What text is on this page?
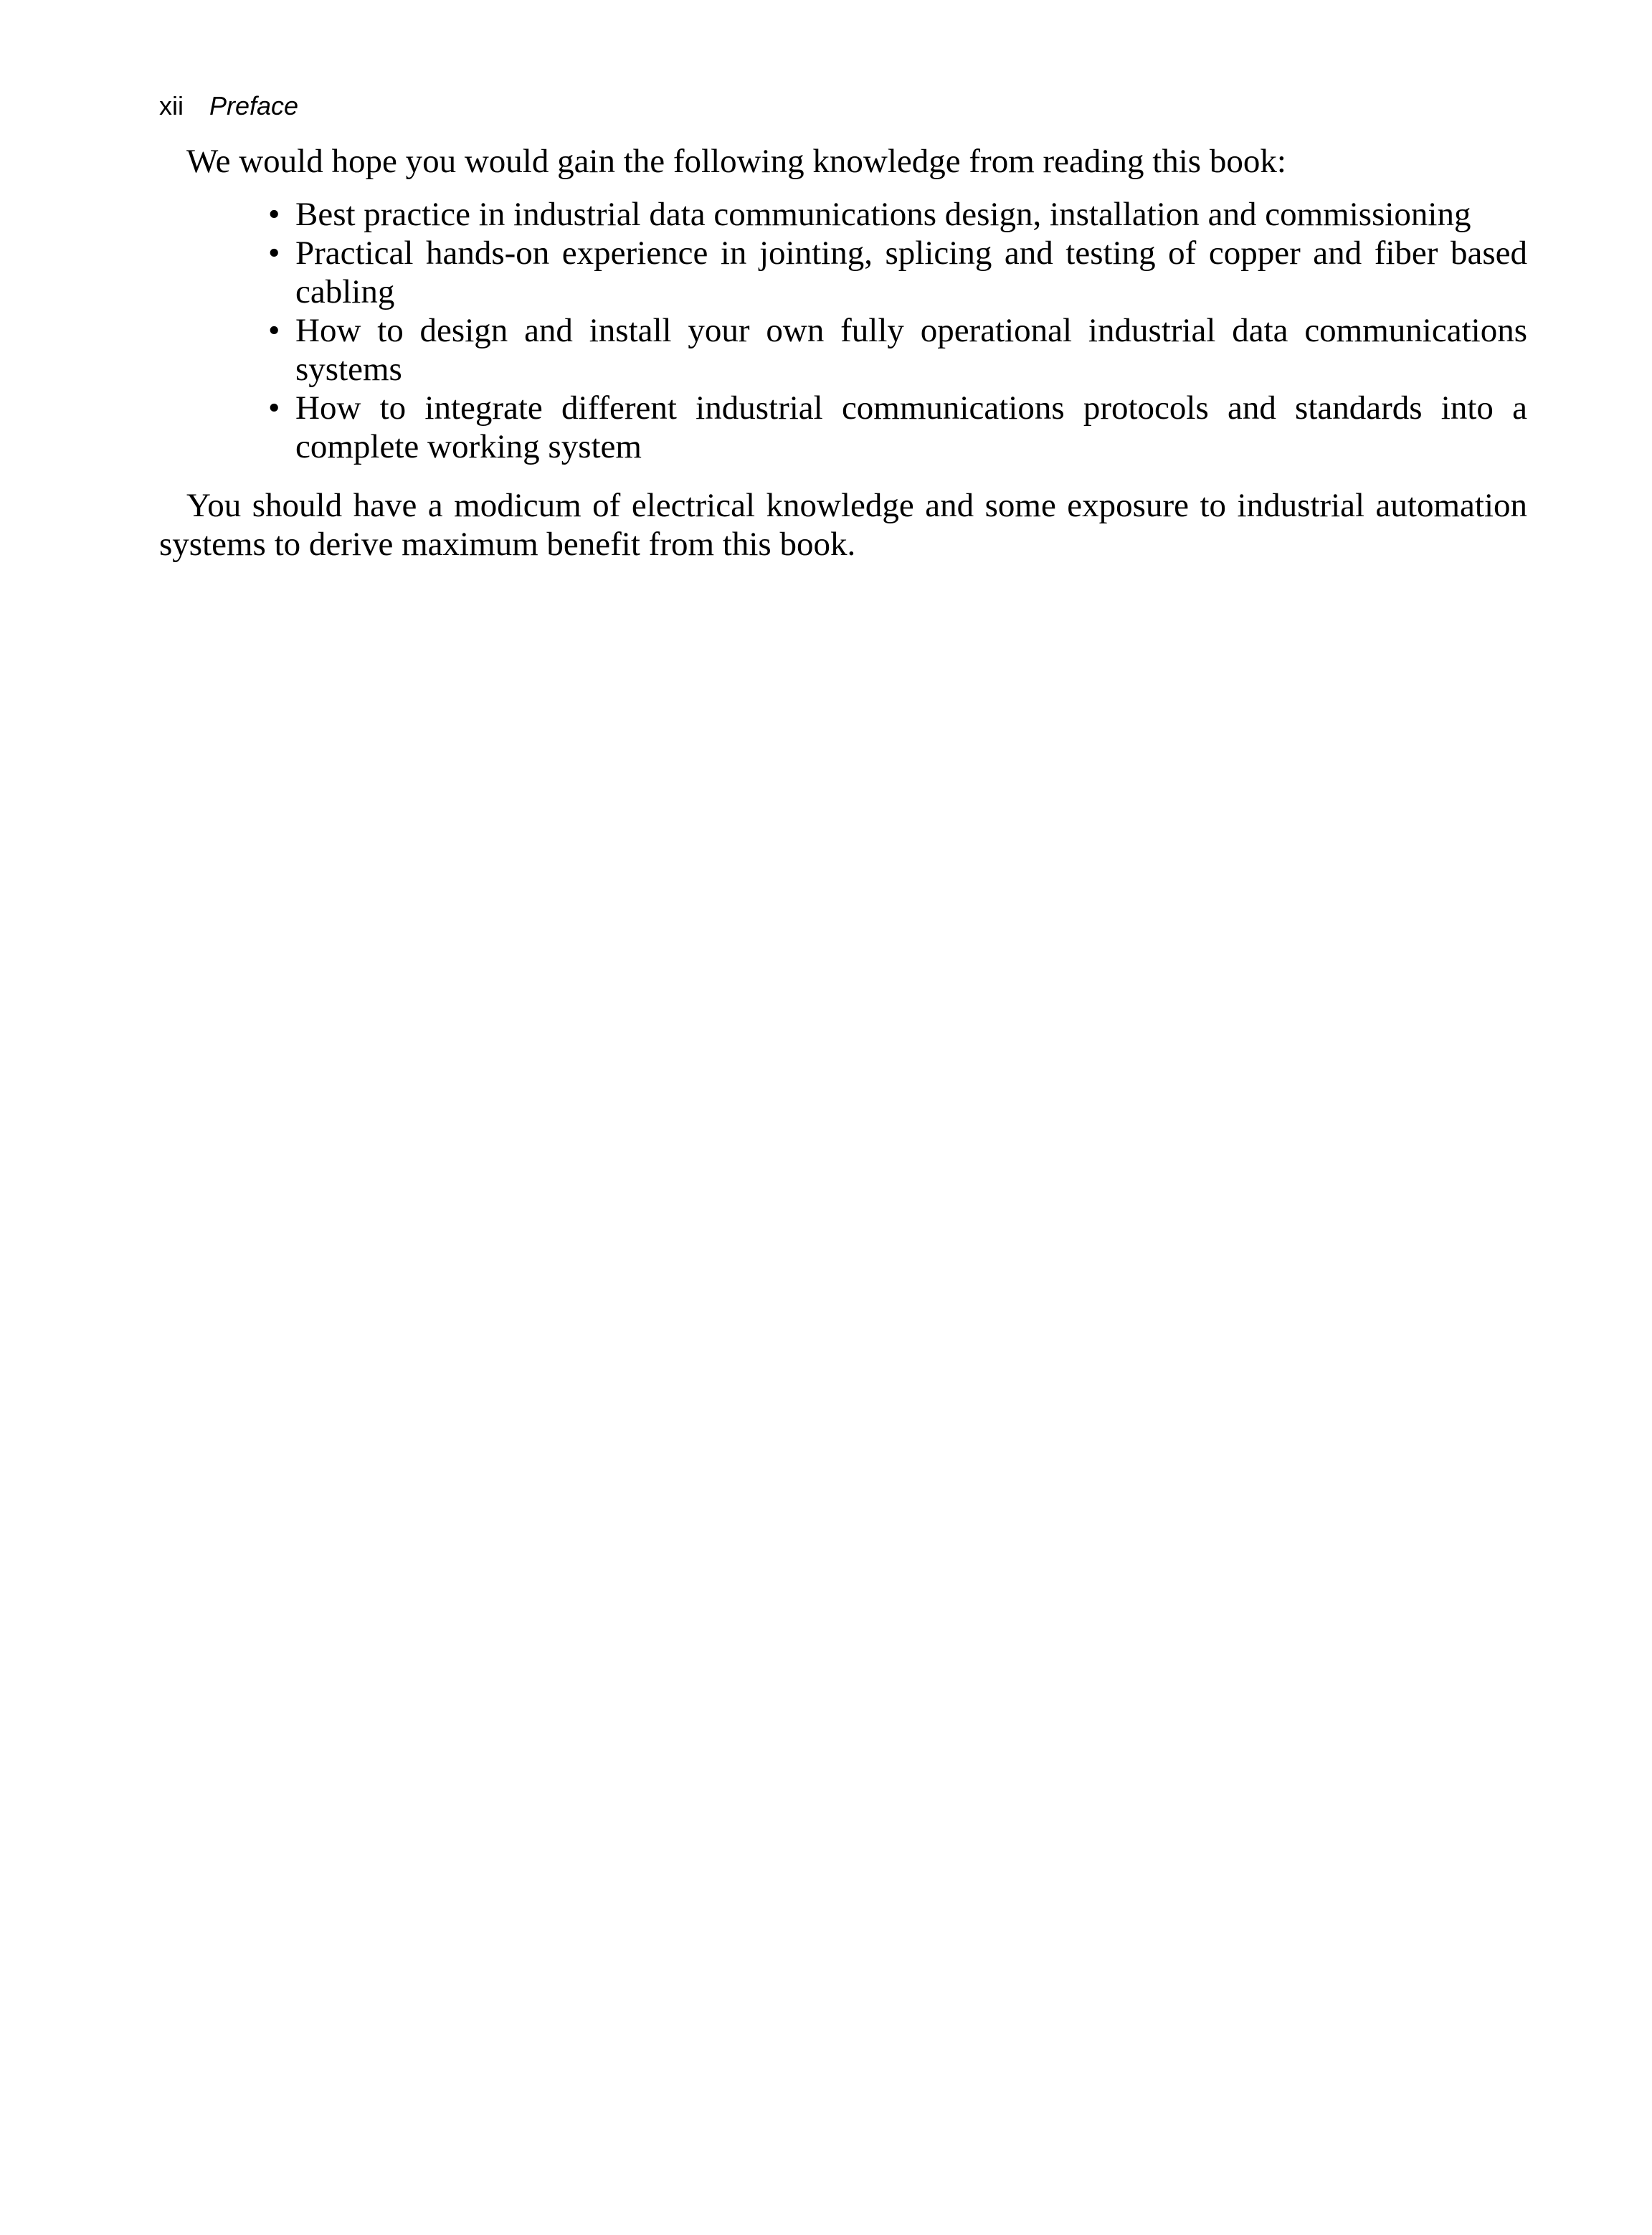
xii Preface

We would hope you would gain the following knowledge from reading this book:

• Best practice in industrial data communications design, installation and commissioning
• Practical hands-on experience in jointing, splicing and testing of copper and fiber based cabling
• How to design and install your own fully operational industrial data communications systems
• How to integrate different industrial communications protocols and standards into a complete working system

You should have a modicum of electrical knowledge and some exposure to industrial automation systems to derive maximum benefit from this book.
